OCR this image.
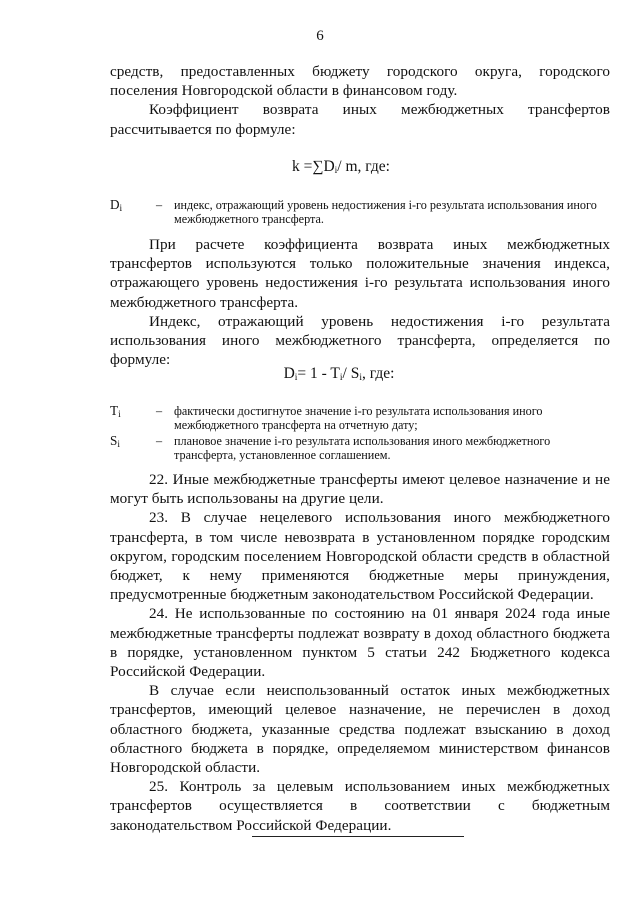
6

средств, предоставленных бюджету городского округа, городского поселения Новгородской области в финансовом году.

Коэффициент возврата иных межбюджетных трансфертов рассчитывается по формуле:

$k =\sum D_i/$ m, где:
$D_i$	– индекс, отражающий уровень недостижения i-го результата использования иного межбюджетного трансферта.

При расчете коэффициента возврата иных межбюджетных трансфертов используются только положительные значения индекса, отражающего уровень недостижения i-го результата использования иного межбюджетного трансферта.

Индекс, отражающий уровень недостижения i-го результата использования иного межбюджетного трансферта, определяется по формуле:

$D_i= 1 - T_i/$ $S_i$, где:
$T_i$	– фактически достигнутое значение i-го результата использования иного межбюджетного трансферта на отчетную дату;
$S_i$	– плановое значение i-го результата использования иного межбюджетного трансферта, установленное соглашением.

22. Иные межбюджетные трансферты имеют целевое назначение и не могут быть использованы на другие цели.

23. В случае нецелевого использования иного межбюджетного трансферта, в том числе невозврата в установленном порядке городским округом, городским поселением Новгородской области средств в областной бюджет, к нему применяются бюджетные меры принуждения, предусмотренные бюджетным законодательством Российской Федерации.

24. Не использованные по состоянию на 01 января 2024 года иные межбюджетные трансферты подлежат возврату в доход областного бюджета в порядке, установленном пунктом 5 статьи 242 Бюджетного кодекса Российской Федерации.

В случае если неиспользованный остаток иных межбюджетных трансфертов, имеющий целевое назначение, не перечислен в доход областного бюджета, указанные средства подлежат взысканию в доход областного бюджета в порядке, определяемом министерством финансов Новгородской области.

25. Контроль за целевым использованием иных межбюджетных трансфертов осуществляется в соответствии с бюджетным законодательством Российской Федерации.
